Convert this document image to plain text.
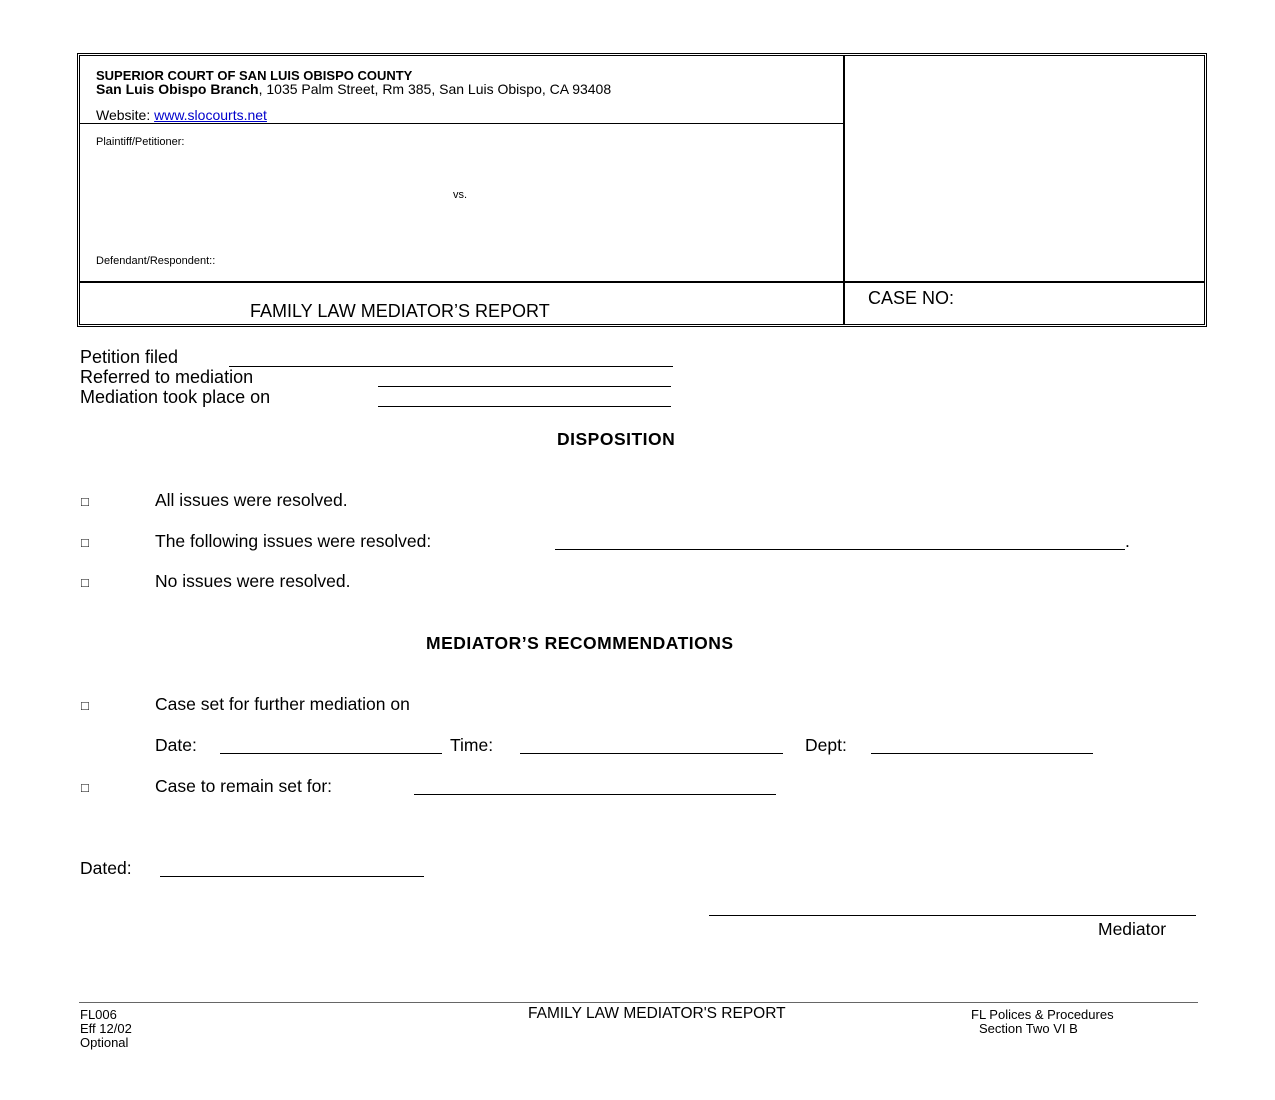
SUPERIOR COURT OF SAN LUIS OBISPO COUNTY
San Luis Obispo Branch, 1035 Palm Street, Rm 385, San Luis Obispo, CA 93408
Website: www.slocourts.net
Plaintiff/Petitioner:
vs.
Defendant/Respondent::
FAMILY LAW MEDIATOR’S REPORT
CASE NO:
Petition filed
Referred to mediation
Mediation took place on
DISPOSITION
□	All issues were resolved.
□	The following issues were resolved:	.
□	No issues were resolved.
MEDIATOR’S RECOMMENDATIONS
□	Case set for further mediation on
Date:	Time:	Dept:
□	Case to remain set for:
Dated:
Mediator
FL006
Eff 12/02
Optional
FAMILY LAW MEDIATOR'S REPORT	FL Polices & Procedures
Section Two VI B
